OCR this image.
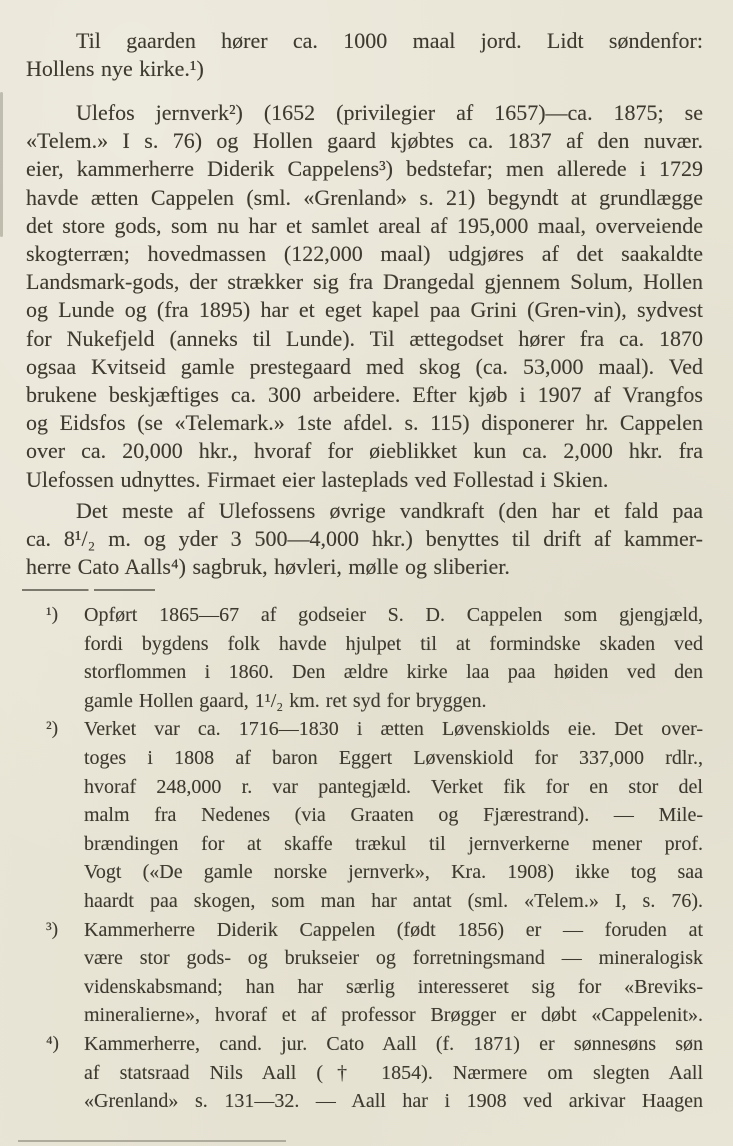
Til gaarden hører ca. 1000 maal jord. Lidt søndenfor:
Hollens nye kirke.¹)
Ulefos jernverk²) (1652 (privilegier af 1657)—ca. 1875; se
«Telem.» I s. 76) og Hollen gaard kjøbtes ca. 1837 af den nuvær.
eier, kammerherre Diderik Cappelens³) bedstefar; men allerede i 1729
havde ætten Cappelen (sml. «Grenland» s. 21) begyndt at grundlægge
det store gods, som nu har et samlet areal af 195,000 maal, overveiende
skogterræn; hovedmassen (122,000 maal) udgjøres af det saakaldte
Landsmark-gods, der strækker sig fra Drangedal gjennem Solum, Hollen
og Lunde og (fra 1895) har et eget kapel paa Grini (Gren-vin), sydvest
for Nukefjeld (anneks til Lunde). Til ættegodset hører fra ca. 1870
ogsaa Kvitseid gamle prestegaard med skog (ca. 53,000 maal). Ved
brukene beskjæftiges ca. 300 arbeidere. Efter kjøb i 1907 af Vrangfos
og Eidsfos (se «Telemark.» 1ste afdel. s. 115) disponerer hr. Cappelen
over ca. 20,000 hkr., hvoraf for øieblikket kun ca. 2,000 hkr. fra
Ulefossen udnyttes. Firmaet eier lasteplads ved Follestad i Skien.
Det meste af Ulefossens øvrige vandkraft (den har et fald paa
ca. 8¹/₂ m. og yder 3 500—4,000 hkr.) benyttes til drift af kammer-
herre Cato Aalls⁴) sagbruk, høvleri, mølle og sliberier.
¹) Opført 1865—67 af godseier S. D. Cappelen som gjengjæld,
fordi bygdens folk havde hjulpet til at formindske skaden ved
storflommen i 1860. Den ældre kirke laa paa høiden ved den
gamle Hollen gaard, 1¹/₂ km. ret syd for bryggen.
²) Verket var ca. 1716—1830 i ætten Løvenskiolds eie. Det over-
toges i 1808 af baron Eggert Løvenskiold for 337,000 rdlr.,
hvoraf 248,000 r. var pantegjæld. Verket fik for en stor del
malm fra Nedenes (via Graaten og Fjærestrand). — Mile-
brændingen for at skaffe trækul til jernverkerne mener prof.
Vogt («De gamle norske jernverk», Kra. 1908) ikke tog saa
haardt paa skogen, som man har antat (sml. «Telem.» I, s. 76).
³) Kammerherre Diderik Cappelen (født 1856) er — foruden at
være stor gods- og brukseier og forretningsmand — mineralogisk
videnskabsmand; han har særlig interesseret sig for «Breviks-
mineralierne», hvoraf et af professor Brøgger er døbt «Cappelenit».
⁴) Kammerherre, cand. jur. Cato Aall (f. 1871) er sønnesøns søn
af statsraad Nils Aall († 1854). Nærmere om slegten Aall
«Grenland» s. 131—32. — Aall har i 1908 ved arkivar Haagen
